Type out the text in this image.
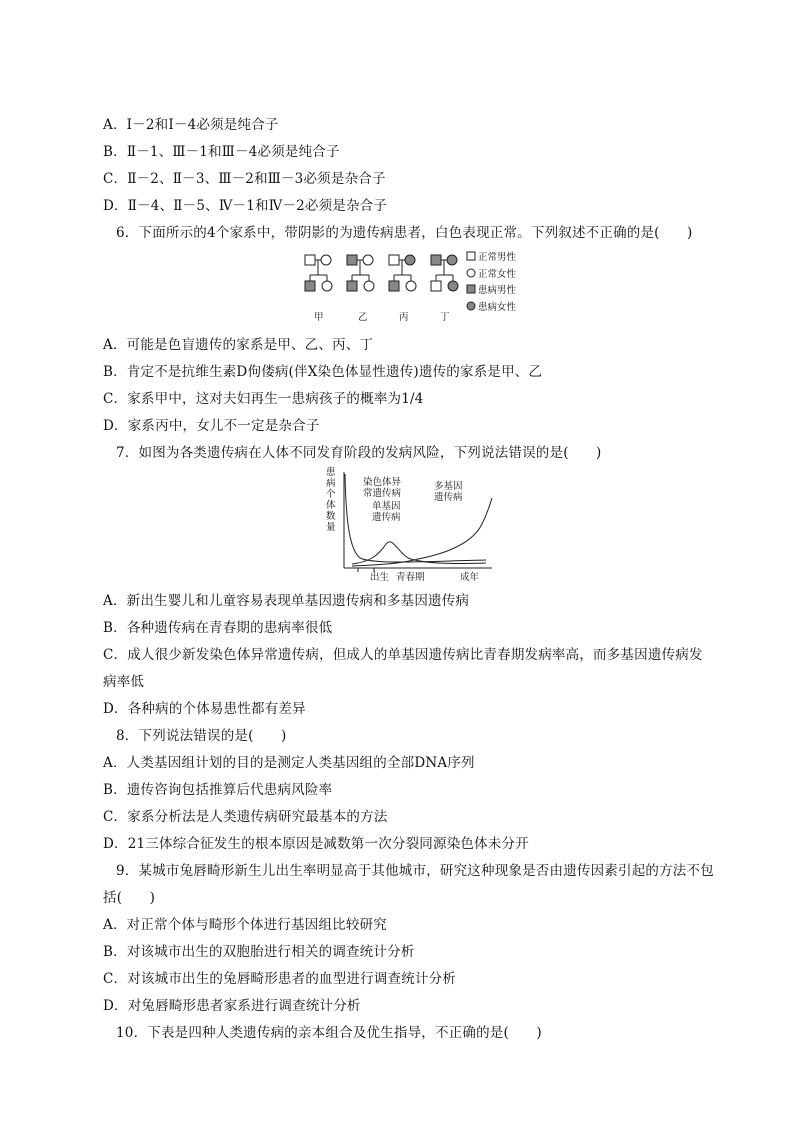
A．Ⅰ－2和Ⅰ－4必须是纯合子
B．Ⅱ－1、Ⅲ－1和Ⅲ－4必须是纯合子
C．Ⅱ－2、Ⅱ－3、Ⅲ－2和Ⅲ－3必须是杂合子
D．Ⅱ－4、Ⅱ－5、Ⅳ－1和Ⅳ－2必须是杂合子
6．下面所示的4个家系中，带阴影的为遗传病患者，白色表现正常。下列叙述不正确的是(　　)
正常男性
正常女性
患病男性
患病女性
甲	乙	丙	丁
A．可能是色盲遗传的家系是甲、乙、丙、丁
B．肯定不是抗维生素D佝偻病(伴X染色体显性遗传)遗传的家系是甲、乙
C．家系甲中，这对夫妇再生一患病孩子的概率为1/4
D．家系丙中，女儿不一定是杂合子
7．如图为各类遗传病在人体不同发育阶段的发病风险，下列说法错误的是(　　)
患
病
个
体
数
量
染色体异
常遗传病
单基因
遗传病
多基因
遗传病
出生 青春期	成年
A．新出生婴儿和儿童容易表现单基因遗传病和多基因遗传病
B．各种遗传病在青春期的患病率很低
C．成人很少新发染色体异常遗传病，但成人的单基因遗传病比青春期发病率高，而多基因遗传病发
病率低
D．各种病的个体易患性都有差异
8．下列说法错误的是(　　)
A．人类基因组计划的目的是测定人类基因组的全部DNA序列
B．遗传咨询包括推算后代患病风险率
C．家系分析法是人类遗传病研究最基本的方法
D．21三体综合征发生的根本原因是减数第一次分裂同源染色体未分开
9．某城市兔唇畸形新生儿出生率明显高于其他城市，研究这种现象是否由遗传因素引起的方法不包
括(　　)
A．对正常个体与畸形个体进行基因组比较研究
B．对该城市出生的双胞胎进行相关的调查统计分析
C．对该城市出生的兔唇畸形患者的血型进行调查统计分析
D．对兔唇畸形患者家系进行调查统计分析
10．下表是四种人类遗传病的亲本组合及优生指导，不正确的是(　　)
